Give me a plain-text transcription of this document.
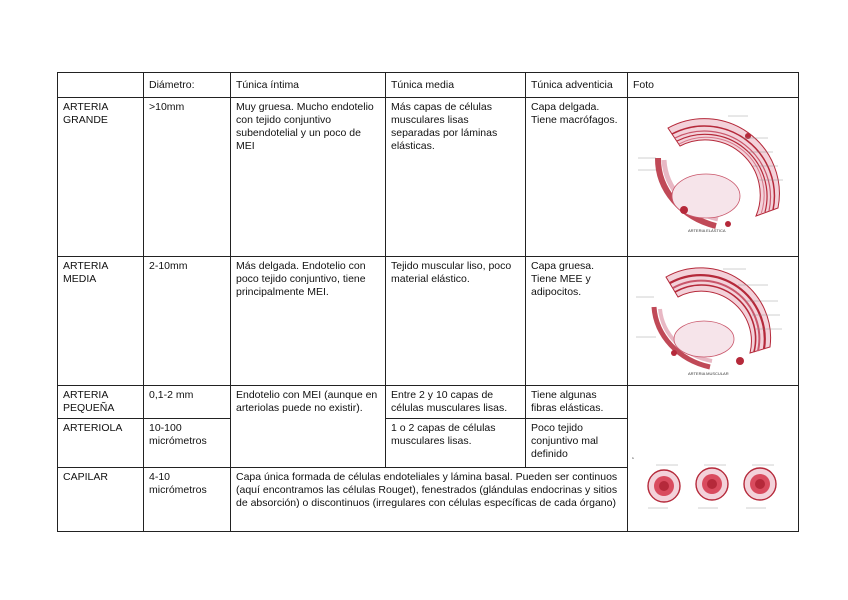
	Diámetro:	Túnica íntima	Túnica media	Túnica adventicia	Foto
ARTERIA GRANDE	>10mm	Muy gruesa. Mucho endotelio con tejido conjuntivo subendotelial y un poco de MEI	Más capas de células musculares lisas separadas por láminas elásticas.	Capa delgada. Tiene macrófagos.	ARTERIA ELÁSTICA

ARTERIA MEDIA	2-10mm	Más delgada. Endotelio con poco tejido conjuntivo, tiene principalmente MEI.	Tejido muscular liso, poco material elástico.	Capa gruesa. Tiene MEE y adipocitos.	ARTERIA MUSCULAR

ARTERIA PEQUEÑA	0,1-2 mm	Endotelio con MEI (aunque en arteriolas puede no existir).	Entre 2 y 10 capas de células musculares lisas.	Tiene algunas fibras elásticas.	˛

ARTERIOLA	10-100 micrómetros		1 o 2 capas de células musculares lisas.	Poco tejido conjuntivo mal definido	
CAPILAR	4-10 micrómetros	Capa única formada de células endoteliales y lámina basal. Pueden ser continuos (aquí encontramos las células Rouget), fenestrados (glándulas endocrinas y sitios de absorción) o discontinuos (irregulares con células específicas de cada órgano)			
